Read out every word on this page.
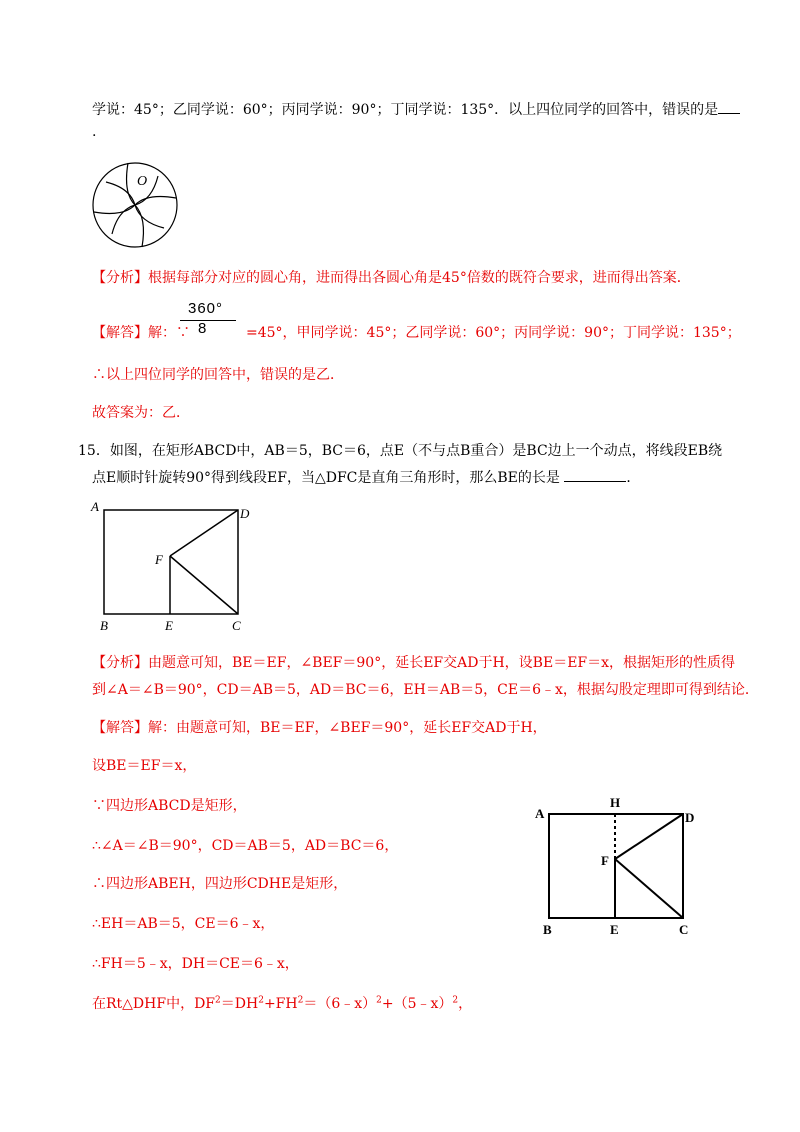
学说：45°；乙同学说：60°；丙同学说：90°；丁同学说：135°．以上四位同学的回答中，错误的是
.
O
【分析】根据每部分对应的圆心角，进而得出各圆心角是45°倍数的既符合要求，进而得出答案．
360°
8
【解答】解：∵	=45°，甲同学说：45°；乙同学说：60°；丙同学说：90°；丁同学说：135°；
∴以上四位同学的回答中，错误的是乙．
故答案为：乙．
15．如图，在矩形ABCD中，AB＝5，BC＝6，点E（不与点B重合）是BC边上一个动点，将线段EB绕
点E顺时针旋转90°得到线段EF，当△DFC是直角三角形时，那么BE的长是	．
A	D
F
B	E	C
【分析】由题意可知，BE＝EF，∠BEF＝90°，延长EF交AD于H，设BE＝EF＝x，根据矩形的性质得
到∠A＝∠B＝90°，CD＝AB＝5，AD＝BC＝6，EH＝AB＝5，CE＝6﹣x，根据勾股定理即可得到结论．
【解答】解：由题意可知，BE＝EF，∠BEF＝90°，延长EF交AD于H，
设BE＝EF＝x，
∵四边形ABCD是矩形，
∴∠A＝∠B＝90°，CD＝AB＝5，AD＝BC＝6，
∴四边形ABEH，四边形CDHE是矩形，
∴EH＝AB＝5，CE＝6﹣x，
∴FH＝5﹣x，DH＝CE＝6﹣x，
在Rt△DHF中，$DF^2=DH^2+FH^2=(6﹣x)^2+(5﹣x)^2$，
A
H
D
F
B	E	C
